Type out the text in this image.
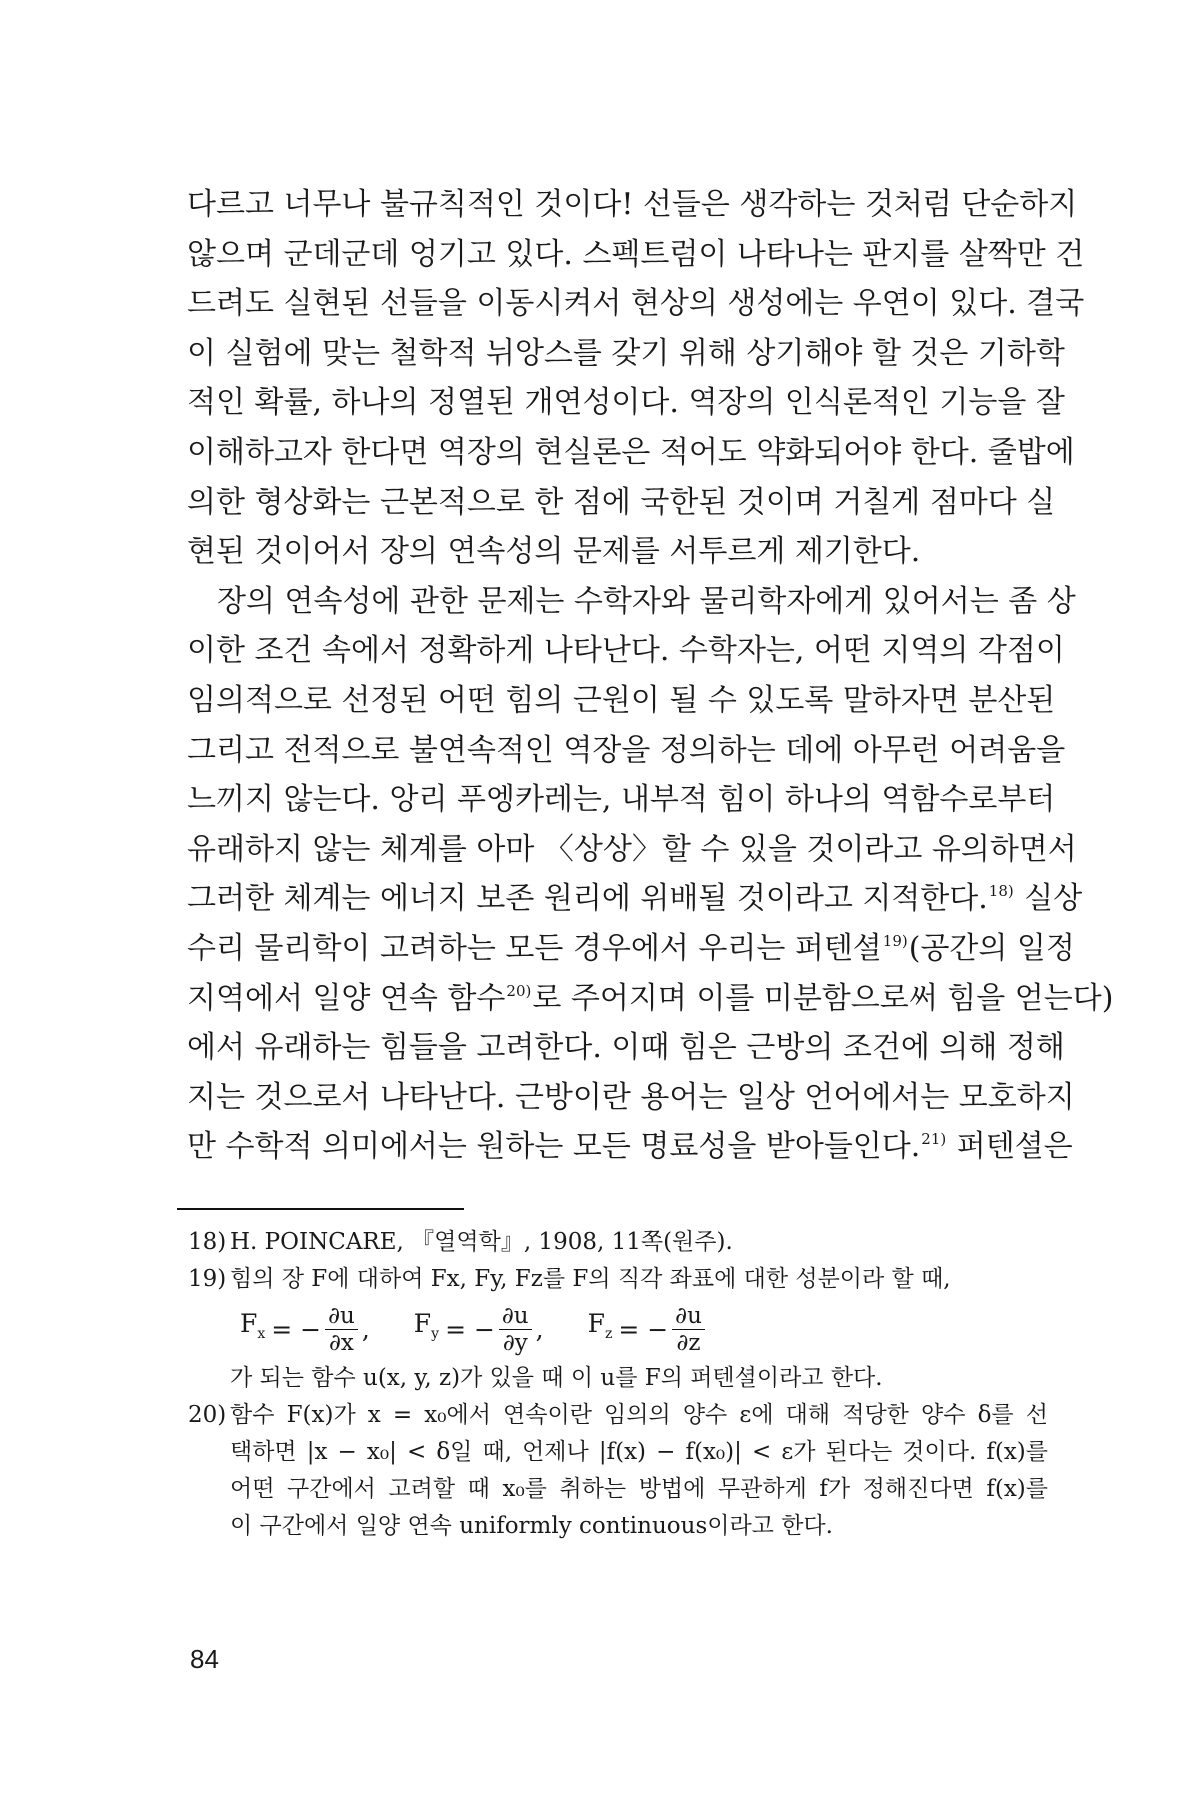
다르고 너무나 불규칙적인 것이다! 선들은 생각하는 것처럼 단순하지
않으며 군데군데 엉기고 있다. 스펙트럼이 나타나는 판지를 살짝만 건
드려도 실현된 선들을 이동시켜서 현상의 생성에는 우연이 있다. 결국
이 실험에 맞는 철학적 뉘앙스를 갖기 위해 상기해야 할 것은 기하학
적인 확률, 하나의 정열된 개연성이다. 역장의 인식론적인 기능을 잘
이해하고자 한다면 역장의 현실론은 적어도 약화되어야 한다. 줄밥에
의한 형상화는 근본적으로 한 점에 국한된 것이며 거칠게 점마다 실
현된 것이어서 장의 연속성의 문제를 서투르게 제기한다.
장의 연속성에 관한 문제는 수학자와 물리학자에게 있어서는 좀 상
이한 조건 속에서 정확하게 나타난다. 수학자는, 어떤 지역의 각점이
임의적으로 선정된 어떤 힘의 근원이 될 수 있도록 말하자면 분산된
그리고 전적으로 불연속적인 역장을 정의하는 데에 아무런 어려움을
느끼지 않는다. 앙리 푸엥카레는, 내부적 힘이 하나의 역함수로부터
유래하지 않는 체계를 아마 〈상상〉할 수 있을 것이라고 유의하면서
그러한 체계는 에너지 보존 원리에 위배될 것이라고 지적한다.$^{18)}$ 실상
수리 물리학이 고려하는 모든 경우에서 우리는 퍼텐셜$^{19)}$(공간의 일정
지역에서 일양 연속 함수$^{20)}$로 주어지며 이를 미분함으로써 힘을 얻는다)
에서 유래하는 힘들을 고려한다. 이때 힘은 근방의 조건에 의해 정해
지는 것으로서 나타난다. 근방이란 용어는 일상 언어에서는 모호하지
만 수학적 의미에서는 원하는 모든 명료성을 받아들인다.$^{21)}$ 퍼텐셜은
18) H. POINCARE, 『열역학』, 1908, 11쪽(원주).
19) 힘의 장 F에 대하여 Fx, Fy, Fz를 F의 직각 좌표에 대한 성분이라 할 때,
$F_x$ = − $\frac{\partial u}{\partial x}$ , $F_y$ = − $\frac{\partial u}{\partial y}$ , $F_z$ = − $\frac{\partial u}{\partial z}$
가 되는 함수 u(x, y, z)가 있을 때 이 u를 F의 퍼텐셜이라고 한다.
20) 함수 F(x)가 x = x₀에서 연속이란 임의의 양수 ε에 대해 적당한 양수 δ를 선
택하면 |x − x₀| < δ일 때, 언제나 |f(x) − f(x₀)| < ε가 된다는 것이다. f(x)를
어떤 구간에서 고려할 때 x₀를 취하는 방법에 무관하게 f가 정해진다면 f(x)를
이 구간에서 일양 연속 uniformly continuous이라고 한다.
84
